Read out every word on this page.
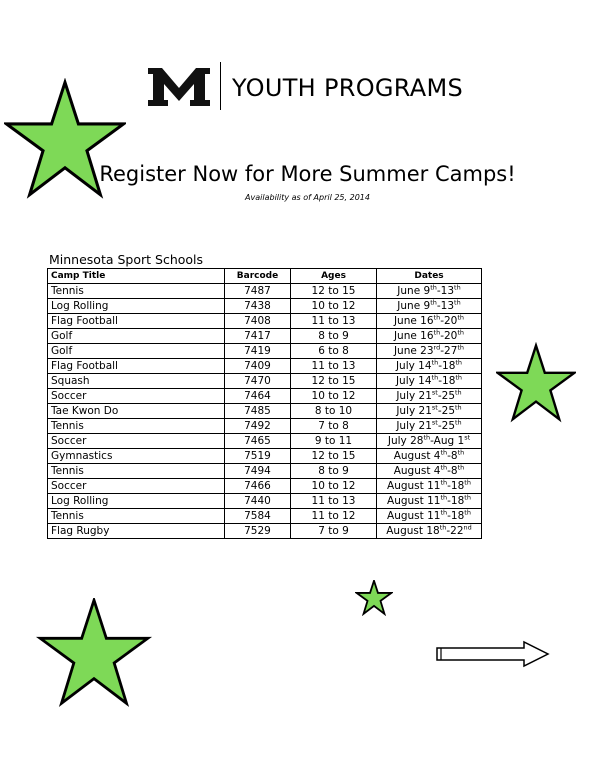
YOUTH PROGRAMS
Register Now for More Summer Camps!
Availability as of April 25, 2014
Minnesota Sport Schools
Camp Title	Barcode	Ages	Dates
Tennis	7487	12 to 15	June 9th-13th
Log Rolling	7438	10 to 12	June 9th-13th
Flag Football	7408	11 to 13	June 16th-20th
Golf	7417	8 to 9	June 16th-20th
Golf	7419	6 to 8	June 23rd-27th
Flag Football	7409	11 to 13	July 14th-18th
Squash	7470	12 to 15	July 14th-18th
Soccer	7464	10 to 12	July 21st-25th
Tae Kwon Do	7485	8 to 10	July 21st-25th
Tennis	7492	7 to 8	July 21st-25th
Soccer	7465	9 to 11	July 28th-Aug 1st
Gymnastics	7519	12 to 15	August 4th-8th
Tennis	7494	8 to 9	August 4th-8th
Soccer	7466	10 to 12	August 11th-18th
Log Rolling	7440	11 to 13	August 11th-18th
Tennis	7584	11 to 12	August 11th-18th
Flag Rugby	7529	7 to 9	August 18th-22nd
